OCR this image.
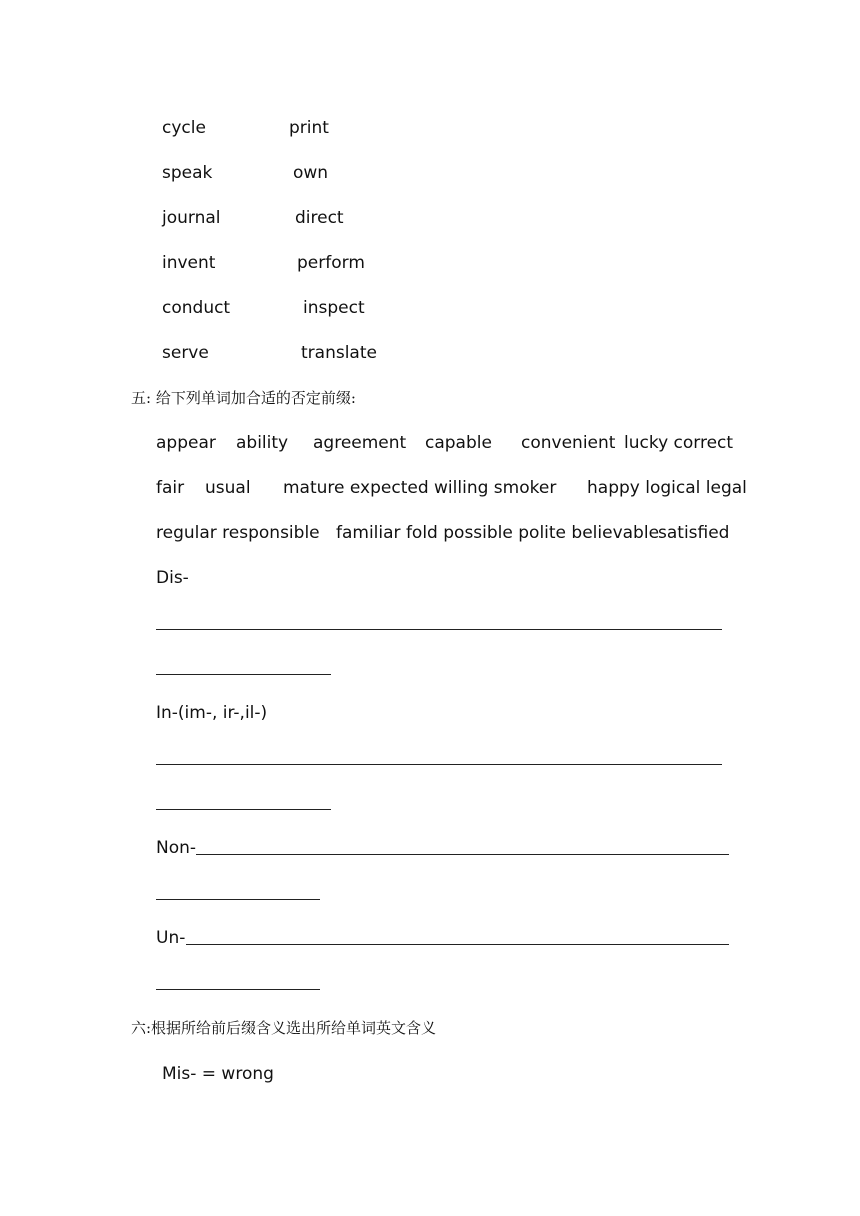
cycle	print
speak	own
journal	direct
invent	perform
conduct	inspect
serve	translate
五: 给下列单词加合适的否定前缀:
appear ability agreement capable convenient lucky correct
fair usual mature expected willing smoker happy logical legal
regular responsible familiar fold possible polite believable
satisfied
Dis-
In-(im-, ir-,il-)
Non-
Un-
六:根据所给前后缀含义选出所给单词英文含义
Mis- = wrong
